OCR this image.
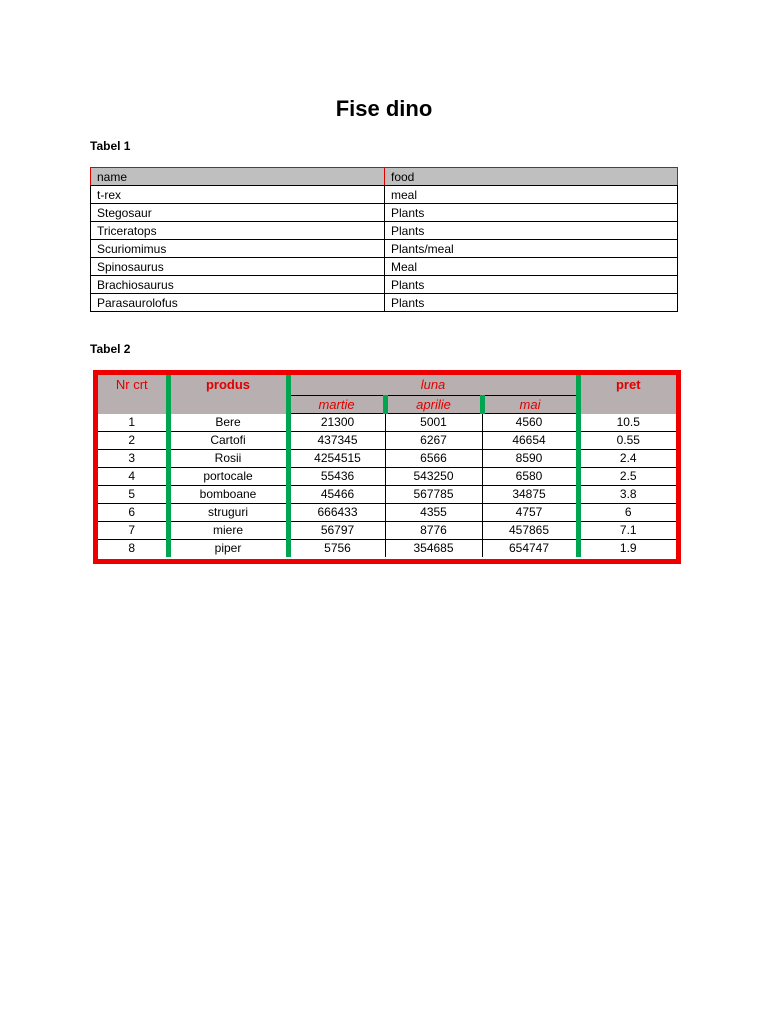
Fise dino

Tabel 1

name	food
t-rex	meal
Stegosaur	Plants
Triceratops	Plants
Scuriomimus	Plants/meal
Spinosaurus	Meal
Brachiosaurus	Plants
Parasaurolofus	Plants

Tabel 2

Nr crt	produs	luna			pret
		martie	aprilie	mai	
1	Bere	21300	5001	4560	10.5
2	Cartofi	437345	6267	46654	0.55
3	Rosii	4254515	6566	8590	2.4
4	portocale	55436	543250	6580	2.5
5	bomboane	45466	567785	34875	3.8
6	struguri	666433	4355	4757	6
7	miere	56797	8776	457865	7.1
8	piper	5756	354685	654747	1.9
